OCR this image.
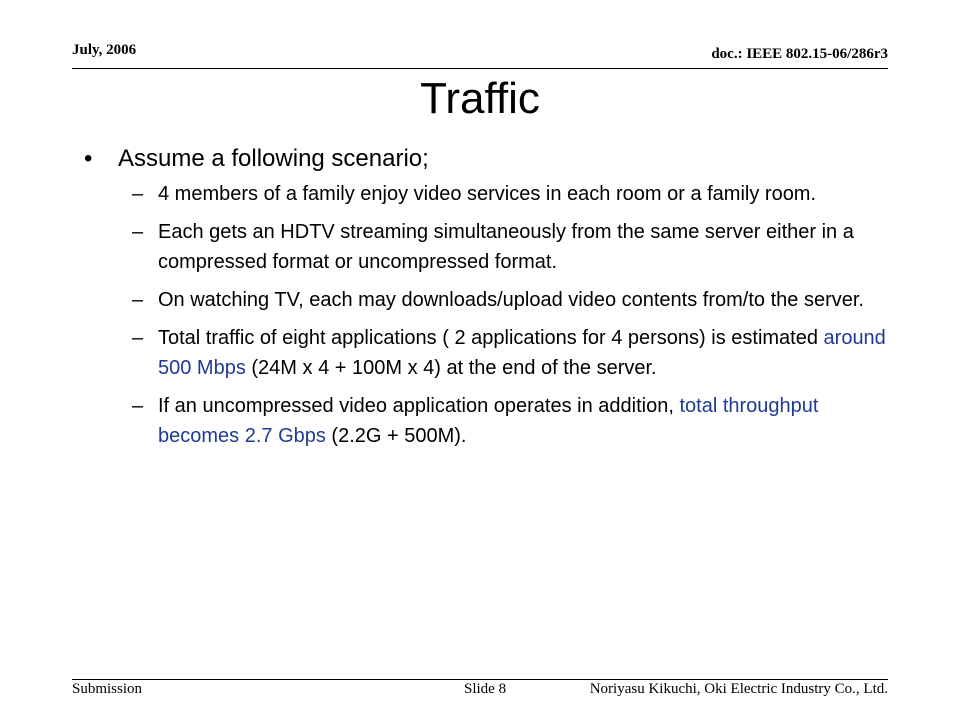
July, 2006	doc.: IEEE 802.15-06/286r3
Traffic
•	Assume a following scenario;
– 4 members of a family enjoy video services in each room or a family room.
– Each gets an HDTV streaming simultaneously from the same server either in a compressed format or uncompressed format.
– On watching TV, each may downloads/upload video contents from/to the server.
– Total traffic of eight applications ( 2 applications for 4 persons) is estimated around 500 Mbps (24M x 4 + 100M x 4) at the end of the server.
– If an uncompressed video application operates in addition, total throughput becomes 2.7 Gbps (2.2G + 500M).
Submission	Slide 8	Noriyasu Kikuchi, Oki Electric Industry Co., Ltd.
